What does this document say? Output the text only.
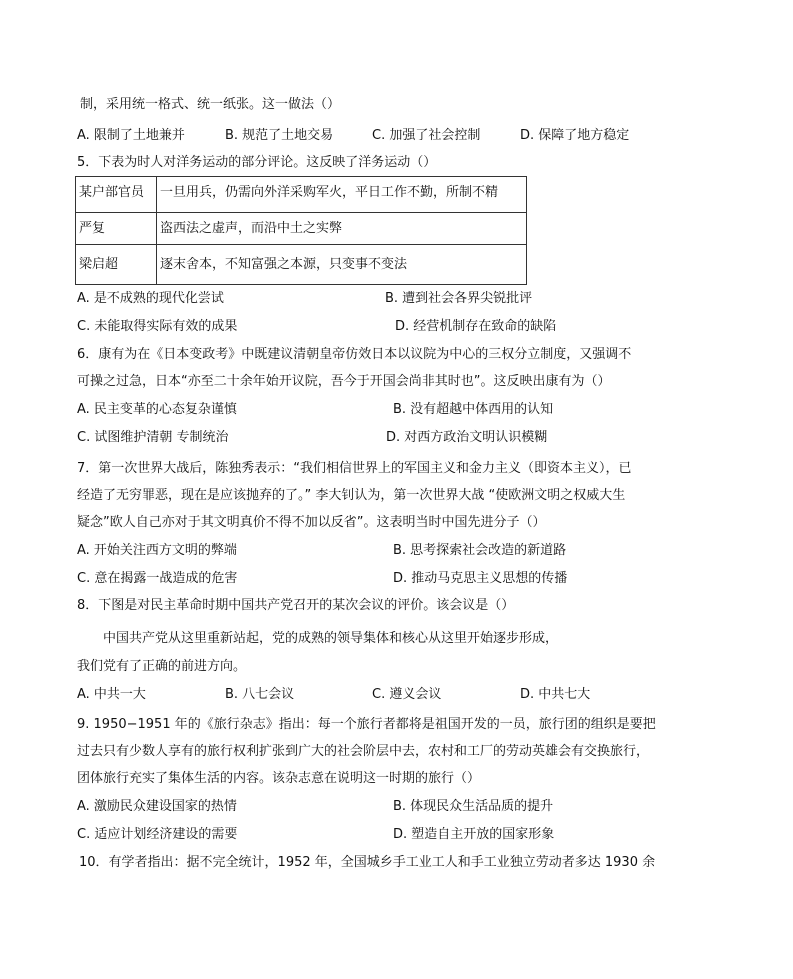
制，采用统一格式、统一纸张。这一做法（）
A. 限制了土地兼并	B. 规范了土地交易	C. 加强了社会控制	D. 保障了地方稳定
5．下表为时人对洋务运动的部分评论。这反映了洋务运动（）
某户部官员	一旦用兵，仍需向外洋采购军火，平日工作不勤，所制不精
严复	盗西法之虚声，而沿中土之实弊
梁启超	逐末舍本，不知富强之本源，只变事不变法
A. 是不成熟的现代化尝试	B. 遭到社会各界尖锐批评
C. 未能取得实际有效的成果	D. 经营机制存在致命的缺陷
6．康有为在《日本变政考》中既建议清朝皇帝仿效日本以议院为中心的三权分立制度，又强调不
可操之过急，日本“亦至二十余年始开议院，吾今于开国会尚非其时也”。这反映出康有为（）
A. 民主变革的心态复杂谨慎	B. 没有超越中体西用的认知
C. 试图维护清朝 专制统治	D. 对西方政治文明认识模糊
7．第一次世界大战后，陈独秀表示：“我们相信世界上的军国主义和金力主义（即资本主义），已
经造了无穷罪恶，现在是应该抛弃的了。” 李大钊认为，第一次世界大战 “使欧洲文明之权威大生
疑念”欧人自己亦对于其文明真价不得不加以反省”。这表明当时中国先进分子（）
A. 开始关注西方文明的弊端	B. 思考探索社会改造的新道路
C. 意在揭露一战造成的危害	D. 推动马克思主义思想的传播
8．下图是对民主革命时期中国共产党召开的某次会议的评价。该会议是（）
中国共产党从这里重新站起，党的成熟的领导集体和核心从这里开始逐步形成，
我们党有了正确的前进方向。
A. 中共一大	B. 八七会议	C. 遵义会议	D. 中共七大
9. 1950−1951 年的《旅行杂志》指出：每一个旅行者都将是祖国开发的一员，旅行团的组织是要把
过去只有少数人享有的旅行权利扩张到广大的社会阶层中去，农村和工厂的劳动英雄会有交换旅行，
团体旅行充实了集体生活的内容。该杂志意在说明这一时期的旅行（）
A. 激励民众建设国家的热情	B. 体现民众生活品质的提升
C. 适应计划经济建设的需要	D. 塑造自主开放的国家形象
10．有学者指出：据不完全统计，1952 年，全国城乡手工业工人和手工业独立劳动者多达 1930 余
